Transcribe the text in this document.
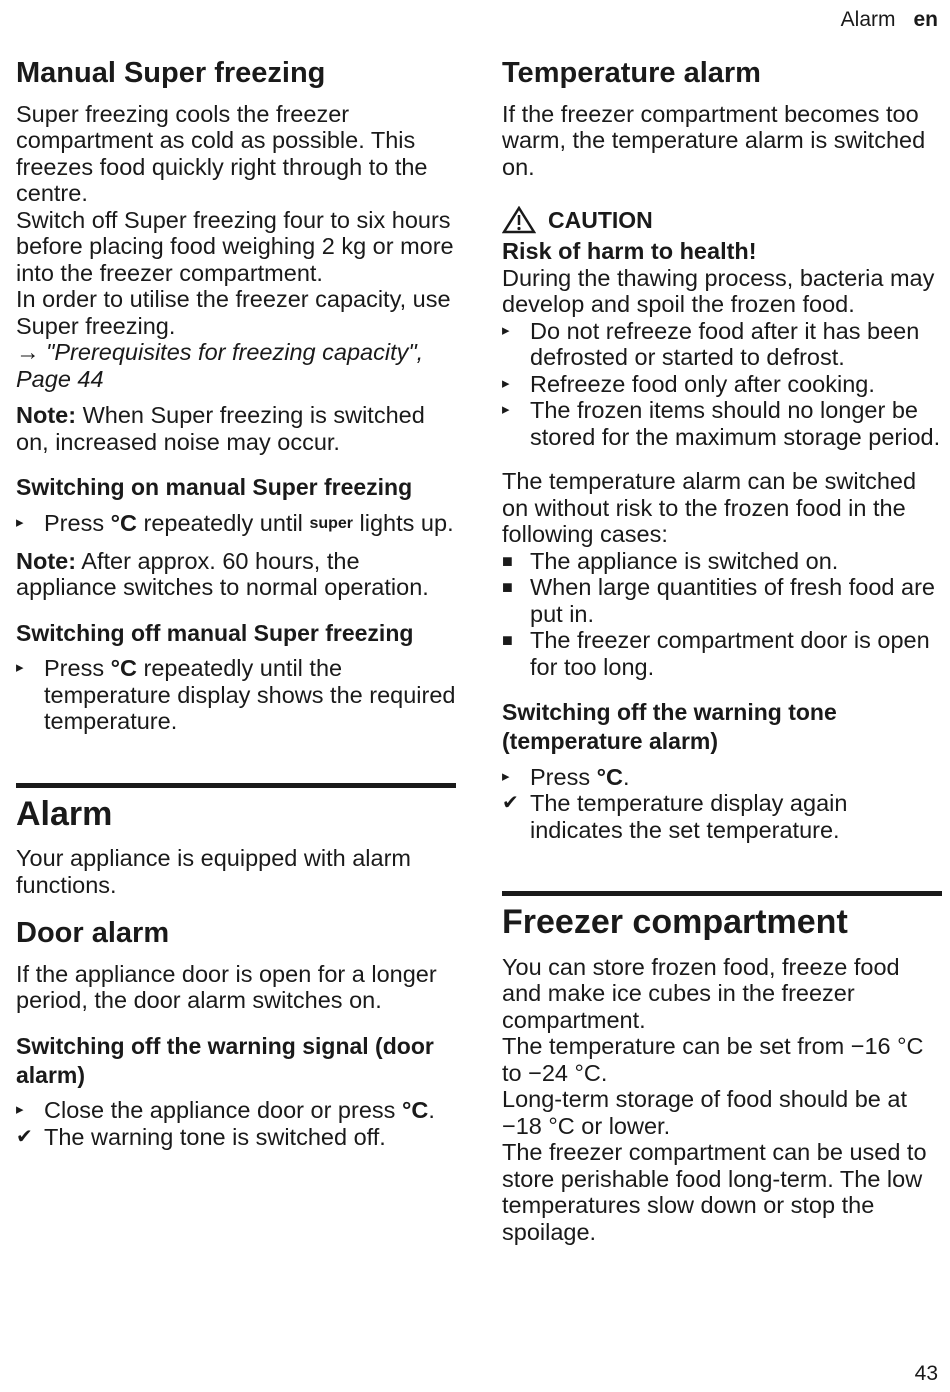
Alarm en
Manual Super freezing

Super freezing cools the freezer compartment as cold as possible. This freezes food quickly right through to the centre.

Switch off Super freezing four to six hours before placing food weighing 2 kg or more into the freezer compartment.

In order to utilise the freezer capacity, use Super freezing.

→ "Prerequisites for freezing capacity", Page 44

Note: When Super freezing is switched on, increased noise may occur.

Switching on manual Super freezing
▸ Press °C repeatedly until super lights up.

Note: After approx. 60 hours, the appliance switches to normal operation.

Switching off manual Super freezing
▸ Press °C repeatedly until the temperature display shows the required temperature.
Alarm

Your appliance is equipped with alarm functions.

Door alarm

If the appliance door is open for a longer period, the door alarm switches on.

Switching off the warning signal (door alarm)
▸ Close the appliance door or press °C.
✔ The warning tone is switched off.
Temperature alarm

If the freezer compartment becomes too warm, the temperature alarm is switched on.

CAUTION

Risk of harm to health!

During the thawing process, bacteria may develop and spoil the frozen food.

▸ Do not refreeze food after it has been defrosted or started to defrost.
▸ Refreeze food only after cooking.
▸ The frozen items should no longer be stored for the maximum storage period.

The temperature alarm can be switched on without risk to the frozen food in the following cases:

■ The appliance is switched on.
■ When large quantities of fresh food are put in.
■ The freezer compartment door is open for too long.
Switching off the warning tone (temperature alarm)
▸ Press °C.
✔ The temperature display again indicates the set temperature.
Freezer compartment

You can store frozen food, freeze food and make ice cubes in the freezer compartment.

The temperature can be set from −16 °C to −24 °C.

Long-term storage of food should be at −18 °C or lower.

The freezer compartment can be used to store perishable food long-term. The low temperatures slow down or stop the spoilage.

43
